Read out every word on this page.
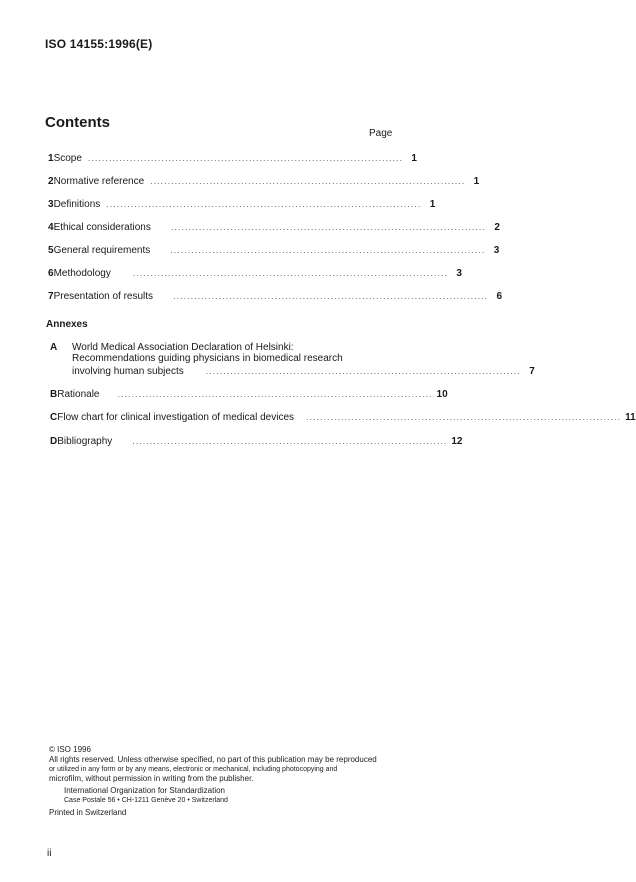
ISO 14155:1996(E)
Contents
Page
1 Scope .......................................................................................... 1
2 Normative reference .......................................................................................... 1
3 Definitions .......................................................................................... 1
4 Ethical considerations .......................................................................................... 2
5 General requirements .......................................................................................... 3
6 Methodology .......................................................................................... 3
7 Presentation of results .......................................................................................... 6
Annexes
A World Medical Association Declaration of Helsinki:
Recommendations guiding physicians in biomedical research
involving human subjects .......................................................................................... 7
B Rationale .......................................................................................... 10
C Flow chart for clinical investigation of medical devices .......................................................................................... 11
D Bibliography .......................................................................................... 12
© ISO 1996
All rights reserved. Unless otherwise specified, no part of this publication may be reproduced
or utilized in any form or by any means, electronic or mechanical, including photocopying and
microfilm, without permission in writing from the publisher.
International Organization for Standardization
Case Postale 56 • CH-1211 Genève 20 • Switzerland
Printed in Switzerland
ii
